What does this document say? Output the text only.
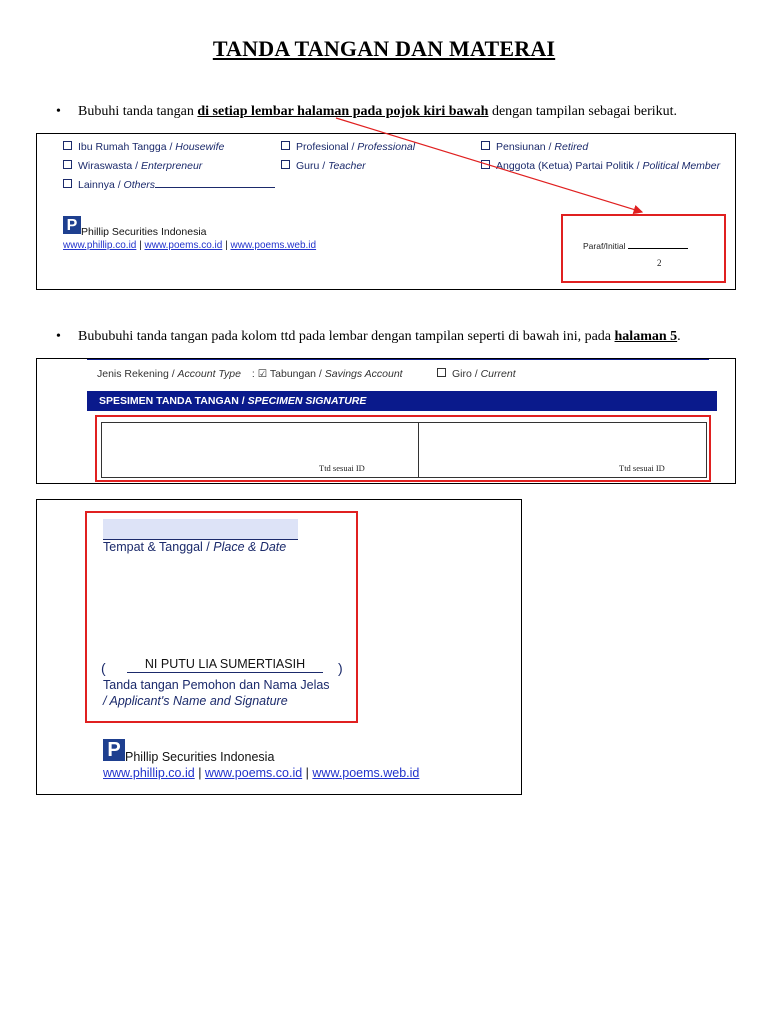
TANDA TANGAN DAN MATERAI
• Bubuhi tanda tangan di setiap lembar halaman pada pojok kiri bawah dengan tampilan sebagai berikut.
Ibu Rumah Tangga / Housewife	Profesional / Professional	Pensiunan / Retired
Wiraswasta / Enterpreneur	Guru / Teacher	Anggota (Ketua) Partai Politik / Political Member
Lainnya / Others
P Phillip Securities Indonesia
www.phillip.co.id | www.poems.co.id | www.poems.web.id	Paraf/Initial
2
• Bububuhi tanda tangan pada kolom ttd pada lembar dengan tampilan seperti di bawah ini, pada halaman 5.
Jenis Rekening / Account Type : ☑ Tabungan / Savings Account	Giro / Current
SPESIMEN TANDA TANGAN / SPECIMEN SIGNATURE
Ttd sesuai ID	Ttd sesuai ID
Tempat & Tanggal / Place & Date
(	NI PUTU LIA SUMERTIASIH	)
Tanda tangan Pemohon dan Nama Jelas
/ Applicant's Name and Signature
P Phillip Securities Indonesia
www.phillip.co.id | www.poems.co.id | www.poems.web.id
